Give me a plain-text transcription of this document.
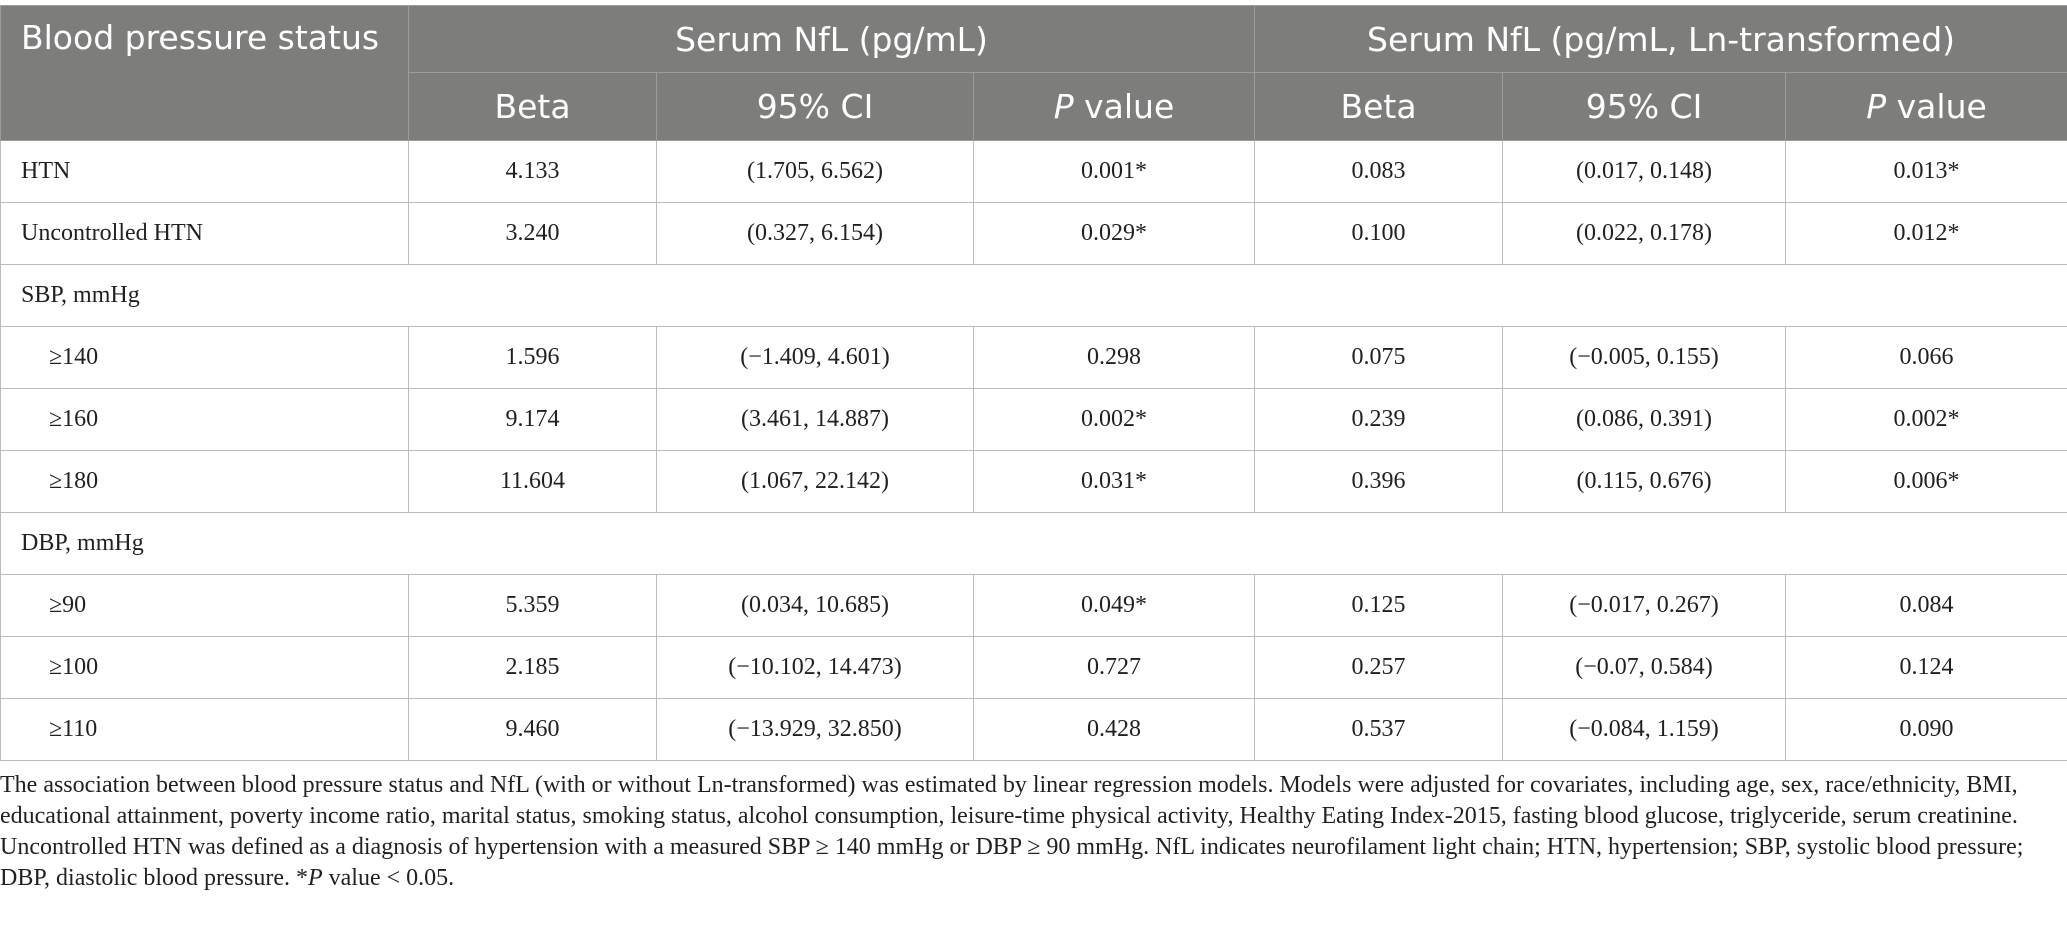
Blood pressure status	Serum NfL (pg/mL)			Serum NfL (pg/mL, Ln-transformed)		
	Beta	95% CI	P value	Beta	95% CI	P value
HTN	4.133	(1.705, 6.562)	0.001*	0.083	(0.017, 0.148)	0.013*
Uncontrolled HTN	3.240	(0.327, 6.154)	0.029*	0.100	(0.022, 0.178)	0.012*
SBP, mmHg						
≥140	1.596	(−1.409, 4.601)	0.298	0.075	(−0.005, 0.155)	0.066
≥160	9.174	(3.461, 14.887)	0.002*	0.239	(0.086, 0.391)	0.002*
≥180	11.604	(1.067, 22.142)	0.031*	0.396	(0.115, 0.676)	0.006*
DBP, mmHg						
≥90	5.359	(0.034, 10.685)	0.049*	0.125	(−0.017, 0.267)	0.084
≥100	2.185	(−10.102, 14.473)	0.727	0.257	(−0.07, 0.584)	0.124
≥110	9.460	(−13.929, 32.850)	0.428	0.537	(−0.084, 1.159)	0.090

The association between blood pressure status and NfL (with or without Ln-transformed) was estimated by linear regression models. Models were adjusted for covariates, including age, sex, race/ethnicity, BMI, educational attainment, poverty income ratio, marital status, smoking status, alcohol consumption, leisure-time physical activity, Healthy Eating Index-2015, fasting blood glucose, triglyceride, serum creatinine. Uncontrolled HTN was defined as a diagnosis of hypertension with a measured SBP ≥ 140 mmHg or DBP ≥ 90 mmHg. NfL indicates neurofilament light chain; HTN, hypertension; SBP, systolic blood pressure; DBP, diastolic blood pressure. *P value < 0.05.
